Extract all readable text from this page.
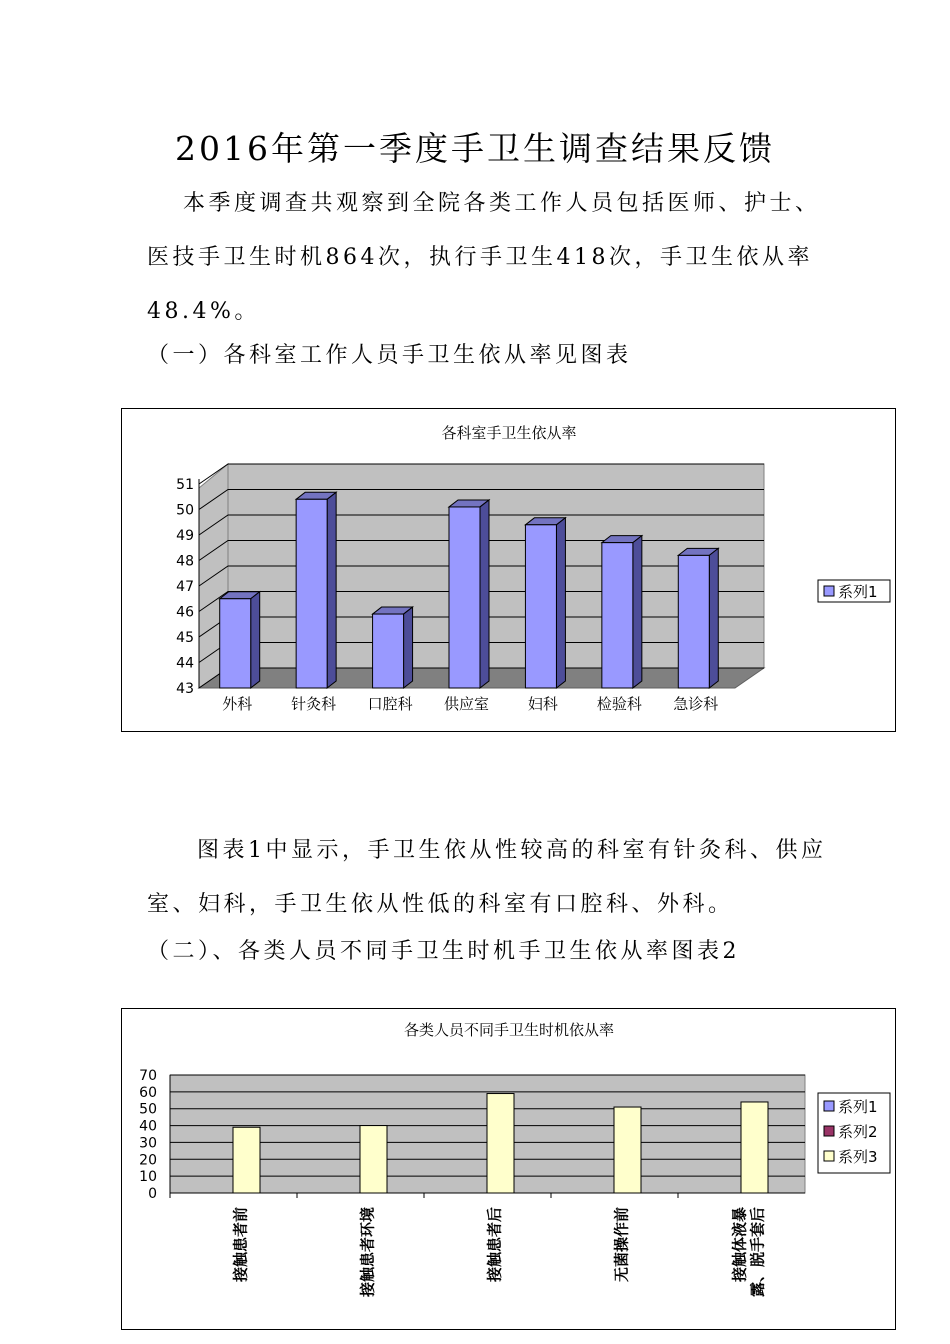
2016年第一季度手卫生调查结果反馈
本季度调查共观察到全院各类工作人员包括医师、护士、医技手卫生时机864次，执行手卫生418次，手卫生依从率48.4%。
（一）各科室工作人员手卫生依从率见图表
各科室手卫生依从率
43
44
45
46
47
48
49
50
51
外科	针灸科 口腔科 供应室	妇科	检验科 急诊科
系列1
图表1中显示，手卫生依从性较高的科室有针灸科、供应室、妇科，手卫生依从性低的科室有口腔科、外科。
（二）、各类人员不同手卫生时机手卫生依从率图表2
各类人员不同手卫生时机依从率
0
10
20
30
40
50
60
70
接触患者前	接触患者环境	接触患者后	无菌操作前	接触体液暴 露、脱手套后
系列1
系列2
系列3
